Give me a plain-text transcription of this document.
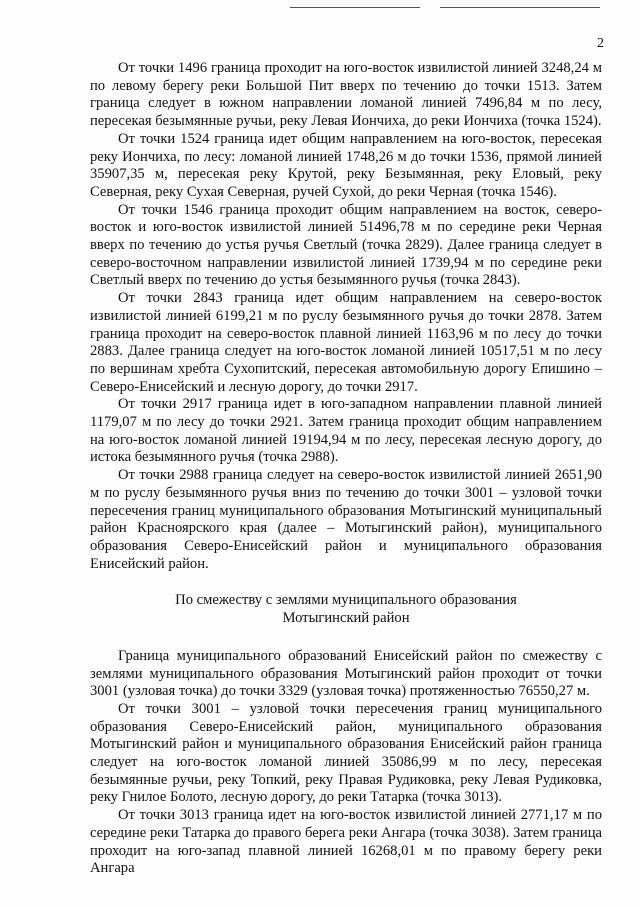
2

От точки 1496 граница проходит на юго-восток извилистой линией 3248,24 м по левому берегу реки Большой Пит вверх по течению до точки 1513. Затем граница следует в южном направлении ломаной линией 7496,84 м по лесу, пересекая безымянные ручьи, реку Левая Иончиха, до реки Иончиха (точка 1524).

От точки 1524 граница идет общим направлением на юго-восток, пересекая реку Иончиха, по лесу: ломаной линией 1748,26 м до точки 1536, прямой линией 35907,35 м, пересекая реку Крутой, реку Безымянная, реку Еловый, реку Северная, реку Сухая Северная, ручей Сухой, до реки Черная (точка 1546).

От точки 1546 граница проходит общим направлением на восток, северо-восток и юго-восток извилистой линией 51496,78 м по середине реки Черная вверх по течению до устья ручья Светлый (точка 2829). Далее граница следует в северо-восточном направлении извилистой линией 1739,94 м по середине реки Светлый вверх по течению до устья безымянного ручья (точка 2843).

От точки 2843 граница идет общим направлением на северо-восток извилистой линией 6199,21 м по руслу безымянного ручья до точки 2878. Затем граница проходит на северо-восток плавной линией 1163,96 м по лесу до точки 2883. Далее граница следует на юго-восток ломаной линией 10517,51 м по лесу по вершинам хребта Сухопитский, пересекая автомобильную дорогу Епишино – Северо-Енисейский и лесную дорогу, до точки 2917.

От точки 2917 граница идет в юго-западном направлении плавной линией 1179,07 м по лесу до точки 2921. Затем граница проходит общим направлением на юго-восток ломаной линией 19194,94 м по лесу, пересекая лесную дорогу, до истока безымянного ручья (точка 2988).

От точки 2988 граница следует на северо-восток извилистой линией 2651,90 м по руслу безымянного ручья вниз по течению до точки 3001 – узловой точки пересечения границ муниципального образования Мотыгинский муниципальный район Красноярского края (далее – Мотыгинский район), муниципального образования Северо-Енисейский район и муниципального образования Енисейский район.

По смежеству с землями муниципального образования
Мотыгинский район

Граница муниципального образований Енисейский район по смежеству с землями муниципального образования Мотыгинский район проходит от точки 3001 (узловая точка) до точки 3329 (узловая точка) протяженностью 76550,27 м.

От точки 3001 – узловой точки пересечения границ муниципального образования Северо-Енисейский район, муниципального образования Мотыгинский район и муниципального образования Енисейский район граница следует на юго-восток ломаной линией 35086,99 м по лесу, пересекая безымянные ручьи, реку Топкий, реку Правая Рудиковка, реку Левая Рудиковка, реку Гнилое Болото, лесную дорогу, до реки Татарка (точка 3013).

От точки 3013 граница идет на юго-восток извилистой линией 2771,17 м по середине реки Татарка до правого берега реки Ангара (точка 3038). Затем граница проходит на юго-запад плавной линией 16268,01 м по правому берегу реки Ангара
